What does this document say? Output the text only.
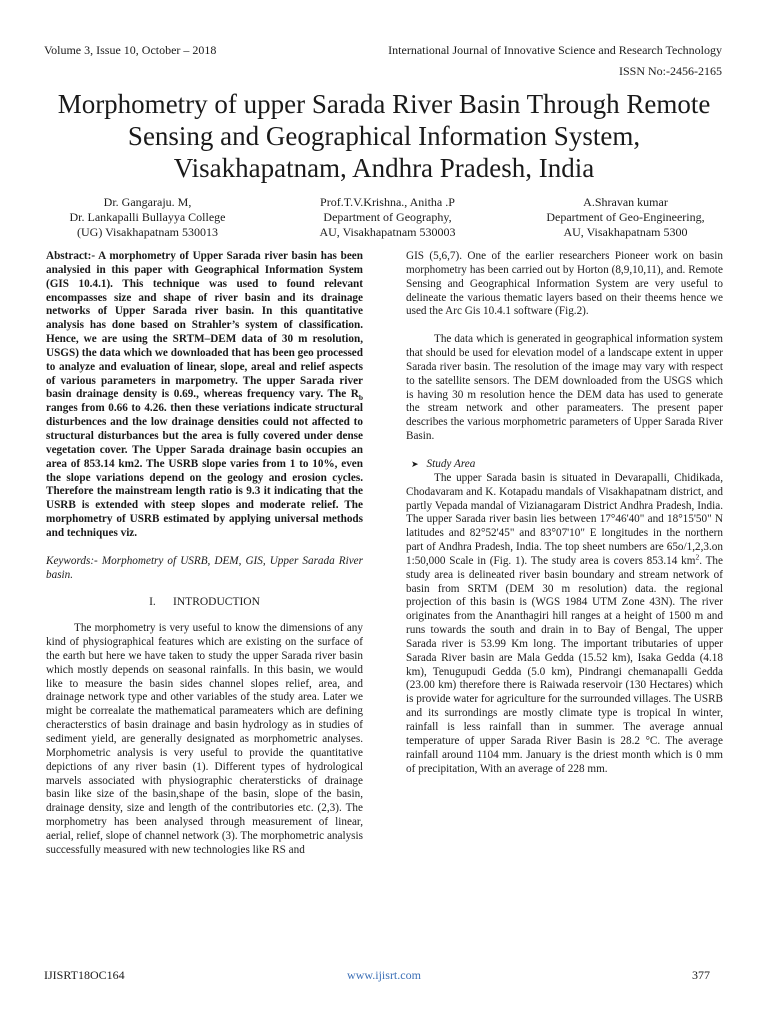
Volume 3, Issue 10, October – 2018	International Journal of Innovative Science and Research Technology
ISSN No:-2456-2165
Morphometry of upper Sarada River Basin Through Remote Sensing and Geographical Information System, Visakhapatnam, Andhra Pradesh, India
Dr. Gangaraju. M,
Dr. Lankapalli Bullayya College
(UG) Visakhapatnam 530013
Prof.T.V.Krishna., Anitha .P
Department of Geography,
AU, Visakhapatnam 530003
A.Shravan kumar
Department of Geo-Engineering,
AU, Visakhapatnam 5300

Abstract:- A morphometry of Upper Sarada river basin has been analysied in this paper with Geographical Information System (GIS 10.4.1). This technique was used to found relevant encompasses size and shape of river basin and its drainage networks of Upper Sarada river basin. In this quantitative analysis has done based on Strahler’s system of classification. Hence, we are using the SRTM–DEM data of 30 m resolution, USGS) the data which we downloaded that has been geo processed to analyze and evaluation of linear, slope, areal and relief aspects of various parameters in marpometry. The upper Sarada river basin drainage density is 0.69., whereas frequency vary. The $R_b$ ranges from 0.66 to 4.26. then these veriations indicate structural disturbences and the low drainage densities could not affected to structural disturbances but the area is fully covered under dense vegetation cover. The Upper Sarada drainage basin occupies an area of 853.14 km2. The USRB slope varies from 1 to 10%, even the slope variations depend on the geology and erosion cycles. Therefore the mainstream length ratio is 9.3 it indicating that the USRB is extended with steep slopes and moderate relief. The morphometry of USRB estimated by applying universal methods and techniques viz.

Keywords:- Morphometry of USRB, DEM, GIS, Upper Sarada River basin.

I.      INTRODUCTION

The morphometry is very useful to know the dimensions of any kind of physiographical features which are existing on the surface of the earth but here we have taken to study the upper Sarada river basin which mostly depends on seasonal rainfalls. In this basin, we would like to measure the basin sides channel slopes relief, area, and drainage network type and other variables of the study area. Later we might be correalate the mathematical parameaters which are defining cheracterstics of basin drainage and basin hydrology as in studies of sediment yield, are generally designated as morphometric analyses. Morphometric analysis is very useful to provide the quantitative depictions of any river basin (1). Different types of hydrological marvels associated with physiographic cheratersticks of drainage basin like size of the basin,shape of the basin, slope of the basin, drainage density, size and length of the contributories etc. (2,3). The morphometry has been analysed through measurement of linear, aerial, relief, slope of channel network (3). The morphometric analysis successfully measured with new technologies like RS and

GIS (5,6,7). One of the earlier researchers Pioneer work on basin morphometry has been carried out by Horton (8,9,10,11), and. Remote Sensing and Geographical Information System are very useful to delineate the various thematic layers based on their theems hence we used the Arc Gis 10.4.1 software (Fig.2).

The data which is generated in geographical information system that should be used for elevation model of a landscape extent in upper Sarada river basin. The resolution of the image may vary with respect to the satellite sensors. The DEM downloaded from the USGS which is having 30 m resolution hence the DEM data has used to generate the stream network and other parameaters. The present paper describes the various morphometric parameters of Upper Sarada River Basin.

➤ Study Area

The upper Sarada basin is situated in Devarapalli, Chidikada, Chodavaram and K. Kotapadu mandals of Visakhapatnam district, and partly Vepada mandal of Vizianagaram District Andhra Pradesh, India. The upper Sarada river basin lies between 17°46'40" and 18°15'50" N latitudes and 82°52'45" and 83°07'10" E longitudes in the northern part of Andhra Pradesh, India. The top sheet numbers are 65o/1,2,3.on 1:50,000 Scale in (Fig. 1). The study area is covers 853.14 $km^2$. The study area is delineated river basin boundary and stream network of basin from SRTM (DEM 30 m resolution) data. the regional projection of this basin is (WGS 1984 UTM Zone 43N). The river originates from the Ananthagiri hill ranges at a height of 1500 m and runs towards the south and drain in to Bay of Bengal, The upper Sarada river is 53.99 Km long. The important tributaries of upper Sarada River basin are Mala Gedda (15.52 km), Isaka Gedda (4.18 km), Tenugupudi Gedda (5.0 km), Pindrangi chemanapalli Gedda (23.00 km) therefore there is Raiwada reservoir (130 Hectares) which is provide water for agriculture for the surrounded villages. The USRB and its surrondings are mostly climate type is tropical In winter, rainfall is less rainfall than in summer. The average annual temperature of upper Sarada River Basin is 28.2 °C. The average rainfall around 1104 mm. January is the driest month which is 0 mm of precipitation, With an average of 228 mm.

IJISRT18OC164	www.ijisrt.com	377
